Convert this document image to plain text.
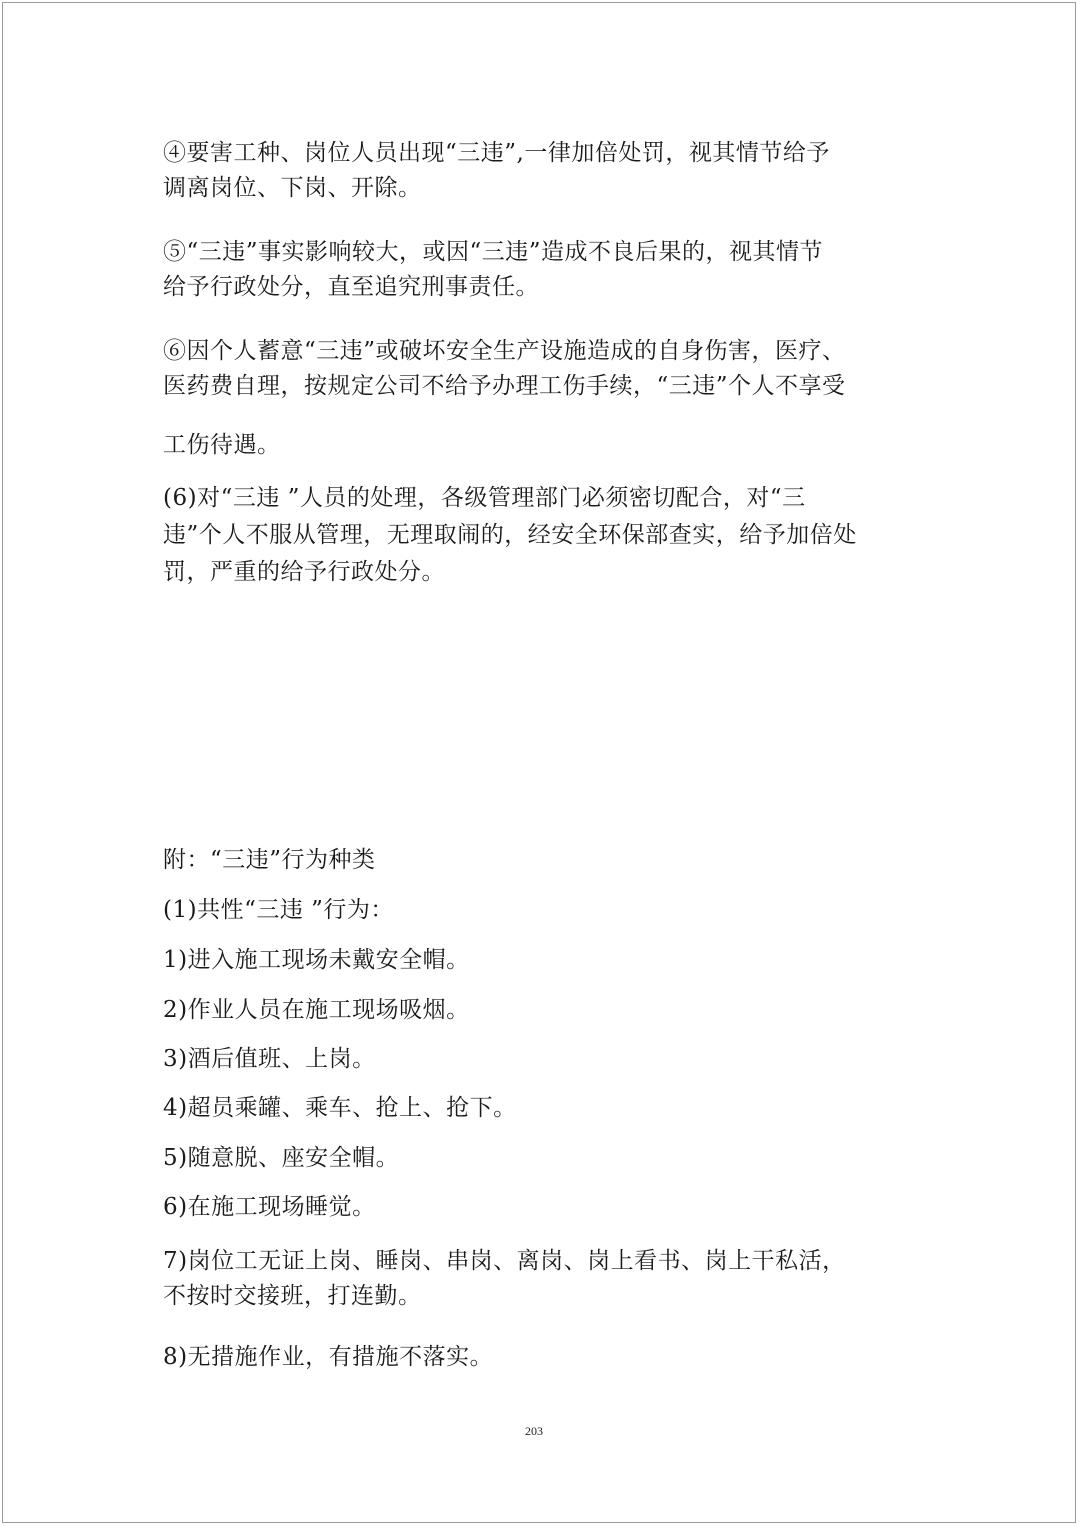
④要害工种、岗位人员出现“三违”,一律加倍处罚，视其情节给予
调离岗位、下岗、开除。

⑤“三违”事实影响较大，或因“三违”造成不良后果的，视其情节
给予行政处分，直至追究刑事责任。

⑥因个人蓄意“三违”或破坏安全生产设施造成的自身伤害，医疗、
医药费自理，按规定公司不给予办理工伤手续，“三违”个人不享受

工伤待遇。

(6)对“三违 ”人员的处理，各级管理部门必须密切配合，对“三
违”个人不服从管理，无理取闹的，经安全环保部查实，给予加倍处
罚，严重的给予行政处分。

附：“三违”行为种类

(1)共性“三违 ”行为：

1)进入施工现场未戴安全帽。

2)作业人员在施工现场吸烟。

3)酒后值班、上岗。

4)超员乘罐、乘车、抢上、抢下。

5)随意脱、座安全帽。

6)在施工现场睡觉。

7)岗位工无证上岗、睡岗、串岗、离岗、岗上看书、岗上干私活，
不按时交接班，打连勤。

8)无措施作业，有措施不落实。

203
